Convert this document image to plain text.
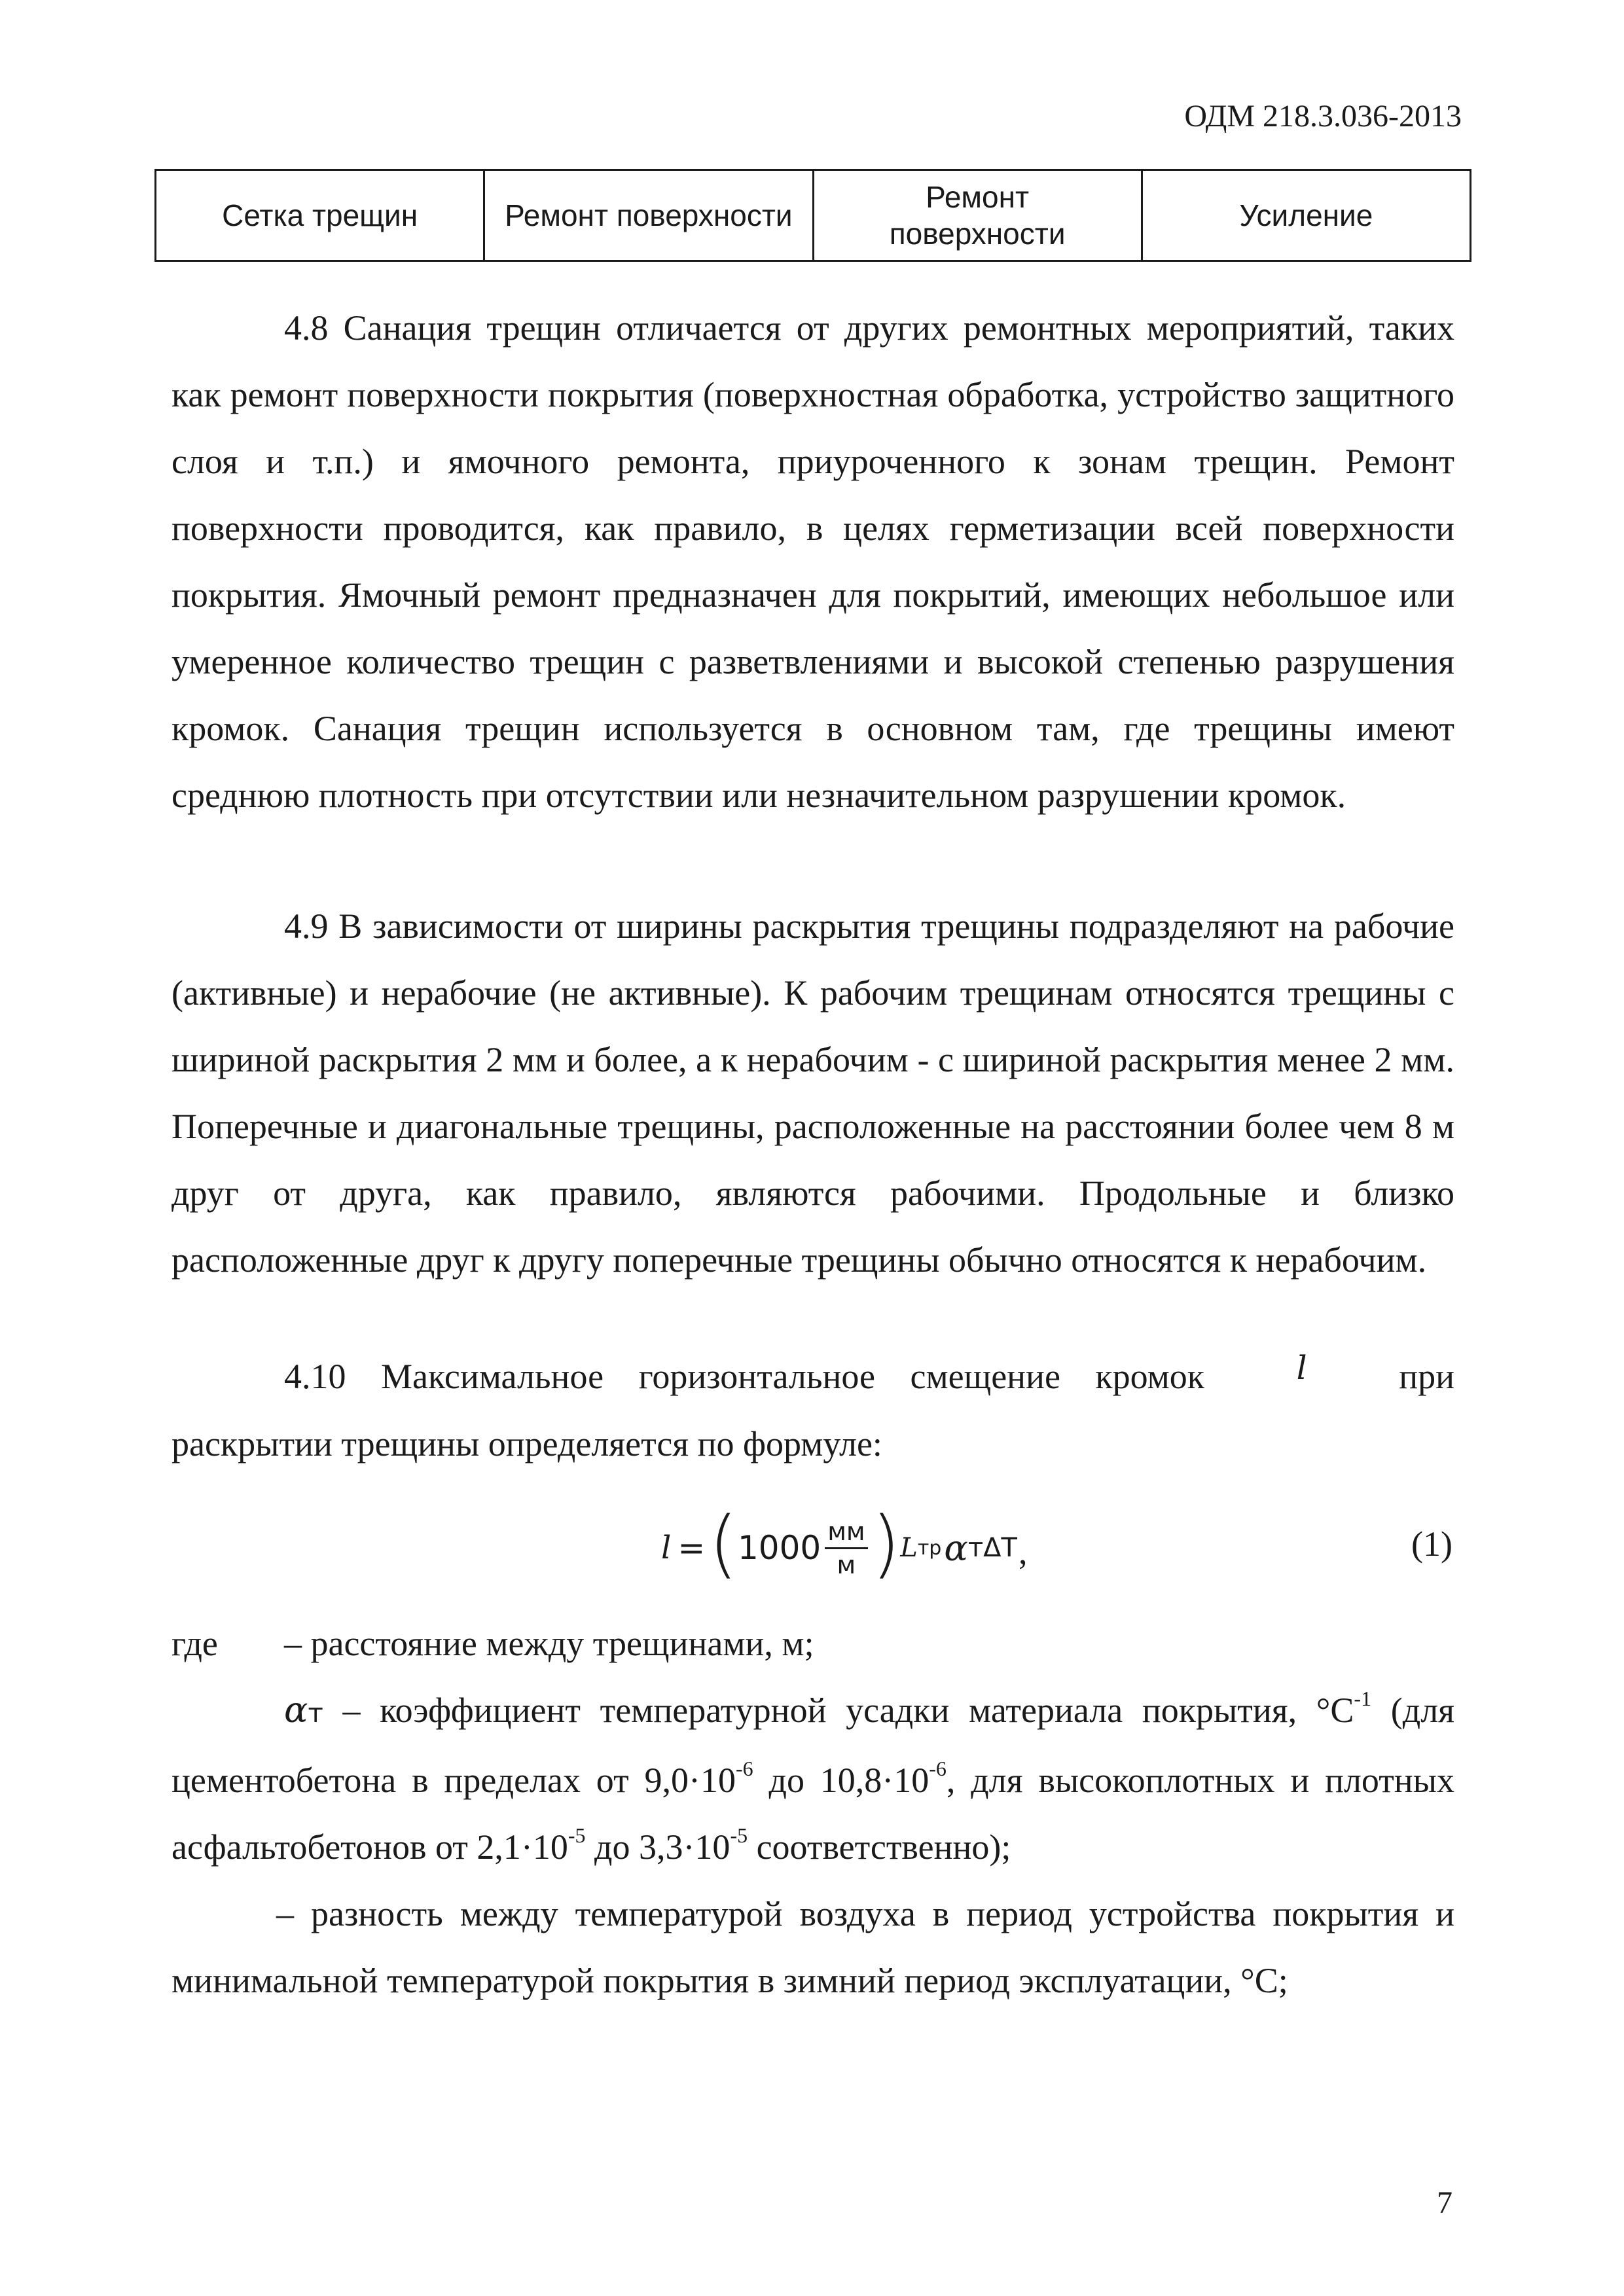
ОДМ 218.3.036-2013
Сетка трещин	Ремонт поверхности	Ремонт поверхности	Усиление

4.8 Санация трещин отличается от других ремонтных мероприятий, таких как ремонт поверхности покрытия (поверхностная обработка, устройство защитного слоя и т.п.) и ямочного ремонта, приуроченного к зонам трещин. Ремонт поверхности проводится, как правило, в целях герметизации всей поверхности покрытия. Ямочный ремонт предназначен для покрытий, имеющих небольшое или умеренное количество трещин с разветвлениями и высокой степенью разрушения кромок. Санация трещин используется в основном там, где трещины имеют среднюю плотность при отсутствии или незначительном разрушении кромок.

4.9 В зависимости от ширины раскрытия трещины подразделяют на рабочие (активные) и нерабочие (не активные). К рабочим трещинам относятся трещины с шириной раскрытия 2 мм и более, а к нерабочим - с шириной раскрытия менее 2 мм. Поперечные и диагональные трещины, расположенные на расстоянии более чем 8 м друг от друга, как правило, являются рабочими. Продольные и близко расположенные друг к другу поперечные трещины обычно относятся к нерабочим.

4.10 Максимальное горизонтальное смещение кромок	l	при

раскрытии трещины определяется по формуле:

l = ( $1000 \frac{мм}{м}$ ) L тр α т ΔT ,	(1)
где	– расстояние между трещинами, м;

αт – коэффициент температурной усадки материала покрытия, $^\circ С^{-1}$ (для цементобетона в пределах от $9,0\cdot 10^{-6}$ до $10,8\cdot 10^{-6}$, для высокоплотных и плотных асфальтобетонов от $2,1\cdot 10^{-5}$ до $3,3\cdot 10^{-5}$ соответственно);

– разность между температурой воздуха в период устройства покрытия и минимальной температурой покрытия в зимний период эксплуатации, °С;

7
